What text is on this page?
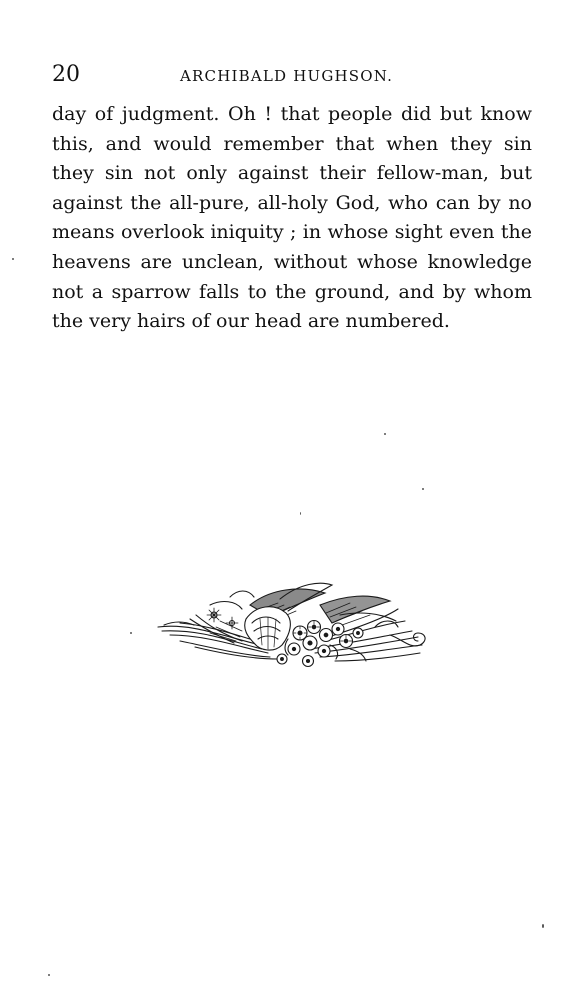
20	ARCHIBALD HUGHSON.
day of judgment. Oh ! that people did but know
this, and would remember that when they sin
they sin not only against their fellow-man, but
against the all-pure, all-holy God, who can by no
means overlook iniquity ; in whose sight even the
heavens are unclean, without whose knowledge
not a sparrow falls to the ground, and by whom
the very hairs of our head are numbered.
